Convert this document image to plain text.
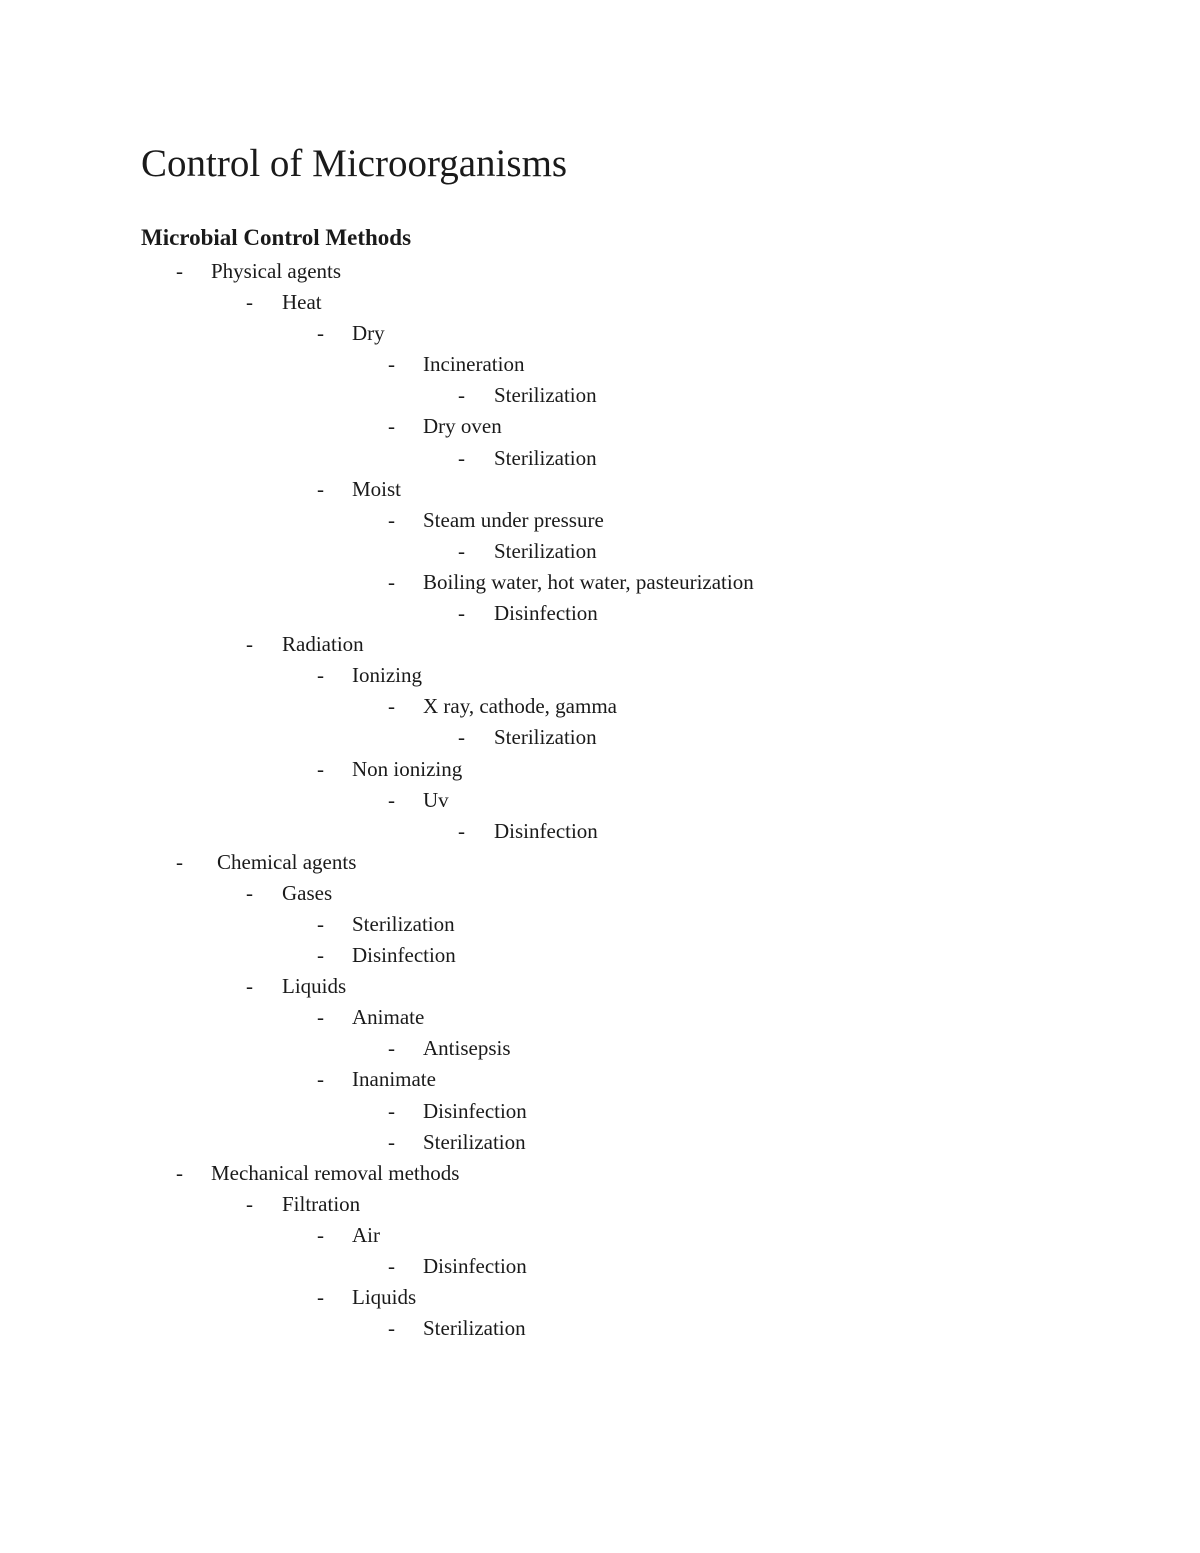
Control of Microorganisms
Microbial Control Methods
- Physical agents
- Heat
- Dry
- Incineration
- Sterilization
- Dry oven
- Sterilization
- Moist
- Steam under pressure
- Sterilization
- Boiling water, hot water, pasteurization
- Disinfection
- Radiation
- Ionizing
- X ray, cathode, gamma
- Sterilization
- Non ionizing
- Uv
- Disinfection
- Chemical agents
- Gases
- Sterilization
- Disinfection
- Liquids
- Animate
- Antisepsis
- Inanimate
- Disinfection
- Sterilization
- Mechanical removal methods
- Filtration
- Air
- Disinfection
- Liquids
- Sterilization
